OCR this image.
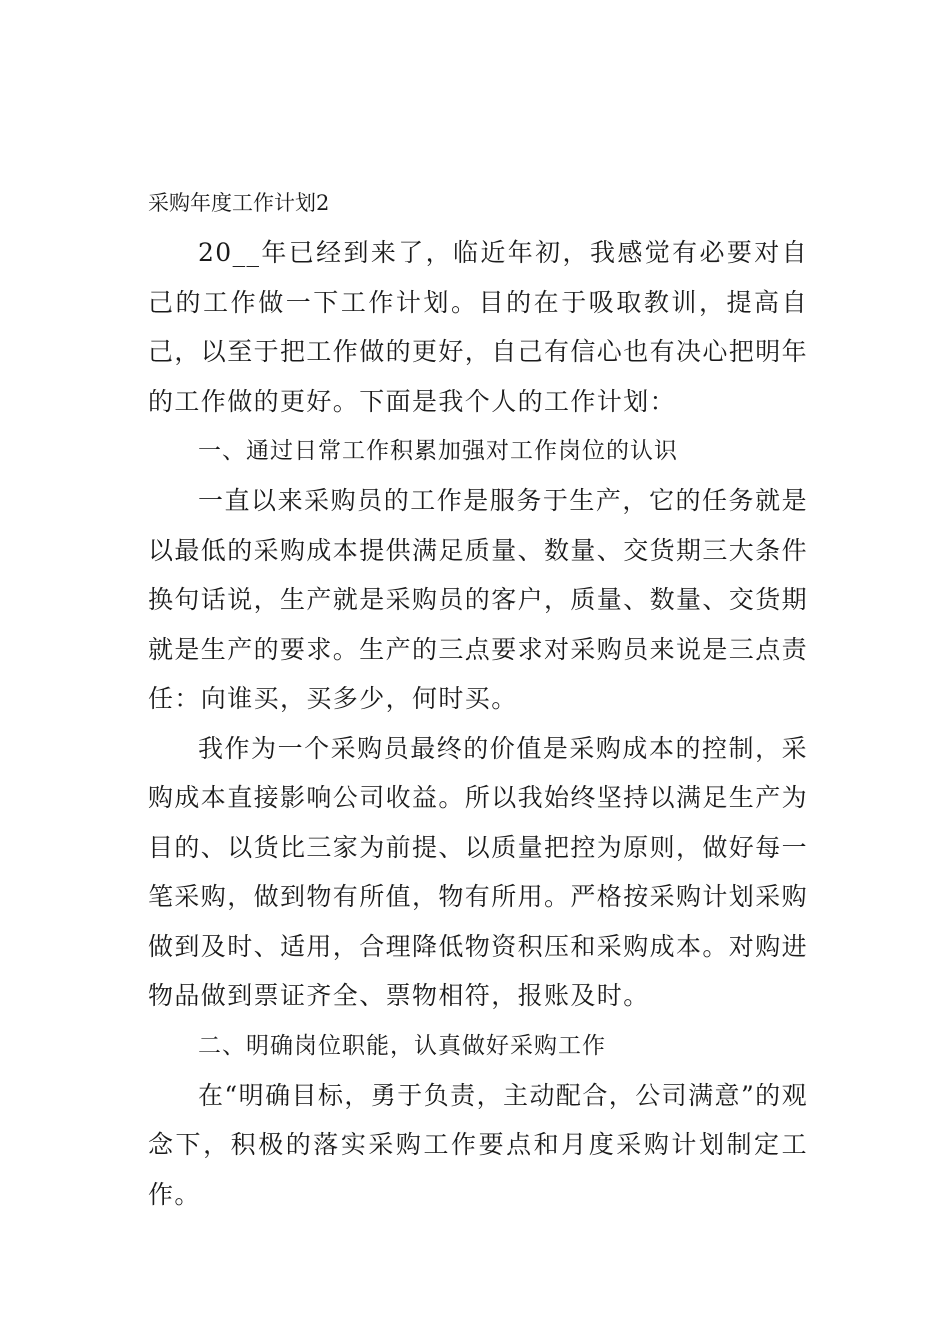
采购年度工作计划2

20__年已经到来了，临近年初，我感觉有必要对自己的工作做一下工作计划。目的在于吸取教训，提高自己，以至于把工作做的更好，自己有信心也有决心把明年的工作做的更好。下面是我个人的工作计划：

一、通过日常工作积累加强对工作岗位的认识

一直以来采购员的工作是服务于生产，它的任务就是以最低的采购成本提供满足质量、数量、交货期三大条件换句话说，生产就是采购员的客户，质量、数量、交货期就是生产的要求。生产的三点要求对采购员来说是三点责任：向谁买，买多少，何时买。

我作为一个采购员最终的价值是采购成本的控制，采购成本直接影响公司收益。所以我始终坚持以满足生产为目的、以货比三家为前提、以质量把控为原则，做好每一笔采购，做到物有所值，物有所用。严格按采购计划采购做到及时、适用，合理降低物资积压和采购成本。对购进物品做到票证齐全、票物相符，报账及时。

二、明确岗位职能，认真做好采购工作

在“明确目标，勇于负责，主动配合，公司满意”的观念下，积极的落实采购工作要点和月度采购计划制定工作。
